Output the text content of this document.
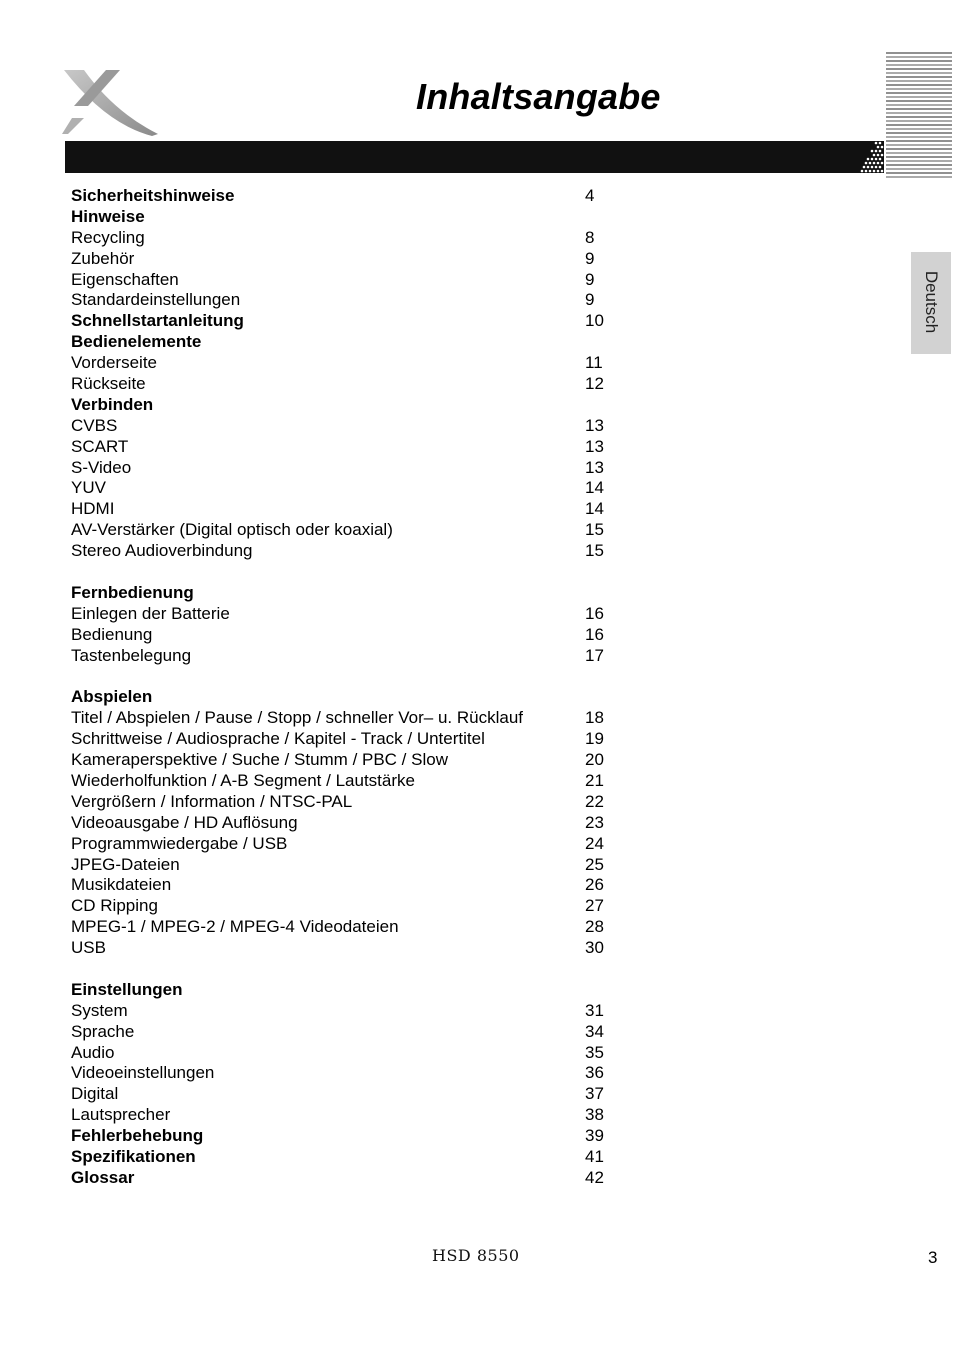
Inhaltsangabe
Deutsch
Sicherheitshinweise	4
Hinweise
Recycling	8
Zubehör	9
Eigenschaften	9
Standardeinstellungen	9
Schnellstartanleitung	10
Bedienelemente
Vorderseite	11
Rückseite	12
Verbinden
CVBS	13
SCART	13
S-Video	13
YUV	14
HDMI	14
AV-Verstärker (Digital optisch oder koaxial)	15
Stereo Audioverbindung	15
Fernbedienung
Einlegen der Batterie	16
Bedienung	16
Tastenbelegung	17
Abspielen
Titel / Abspielen / Pause / Stopp / schneller Vor– u. Rücklauf	18
Schrittweise / Audiosprache / Kapitel - Track / Untertitel	19
Kameraperspektive / Suche / Stumm / PBC / Slow	20
Wiederholfunktion / A-B Segment / Lautstärke	21
Vergrößern / Information / NTSC-PAL	22
Videoausgabe / HD Auflösung	23
Programmwiedergabe / USB	24
JPEG-Dateien	25
Musikdateien	26
CD Ripping	27
MPEG-1 / MPEG-2 / MPEG-4 Videodateien	28
USB	30
Einstellungen
System	31
Sprache	34
Audio	35
Videoeinstellungen	36
Digital	37
Lautsprecher	38
Fehlerbehebung	39
Spezifikationen	41
Glossar	42
HSD 8550	3
